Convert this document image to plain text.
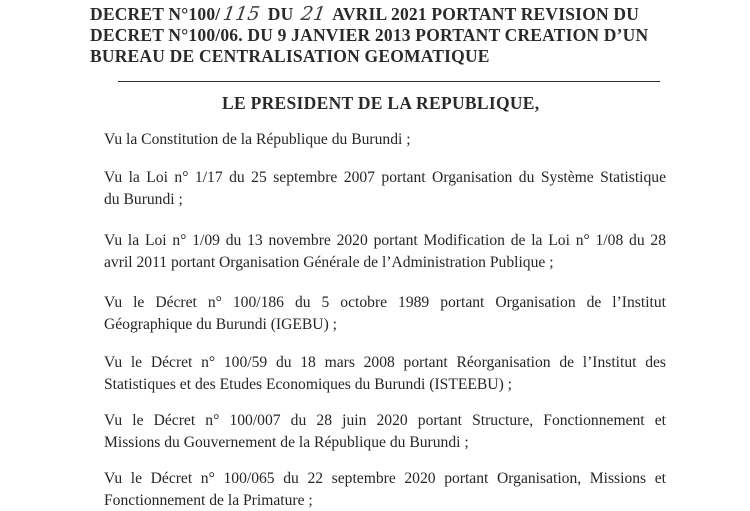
DECRET N°100/115 DU 21 AVRIL 2021 PORTANT REVISION DU
DECRET N°100/06. DU 9 JANVIER 2013 PORTANT CREATION D’UN
BUREAU DE CENTRALISATION GEOMATIQUE
LE PRESIDENT DE LA REPUBLIQUE,
Vu la Constitution de la République du Burundi ;
Vu la Loi n° 1/17 du 25 septembre 2007 portant Organisation du Système Statistique
du Burundi ;
Vu la Loi n° 1/09 du 13 novembre 2020 portant Modification de la Loi n° 1/08 du 28
avril 2011 portant Organisation Générale de l’Administration Publique ;
Vu le Décret n° 100/186 du 5 octobre 1989 portant Organisation de l’Institut
Géographique du Burundi (IGEBU) ;
Vu le Décret n° 100/59 du 18 mars 2008 portant Réorganisation de l’Institut des
Statistiques et des Etudes Economiques du Burundi (ISTEEBU) ;
Vu le Décret n° 100/007 du 28 juin 2020 portant Structure, Fonctionnement et
Missions du Gouvernement de la République du Burundi ;
Vu le Décret n° 100/065 du 22 septembre 2020 portant Organisation, Missions et
Fonctionnement de la Primature ;
